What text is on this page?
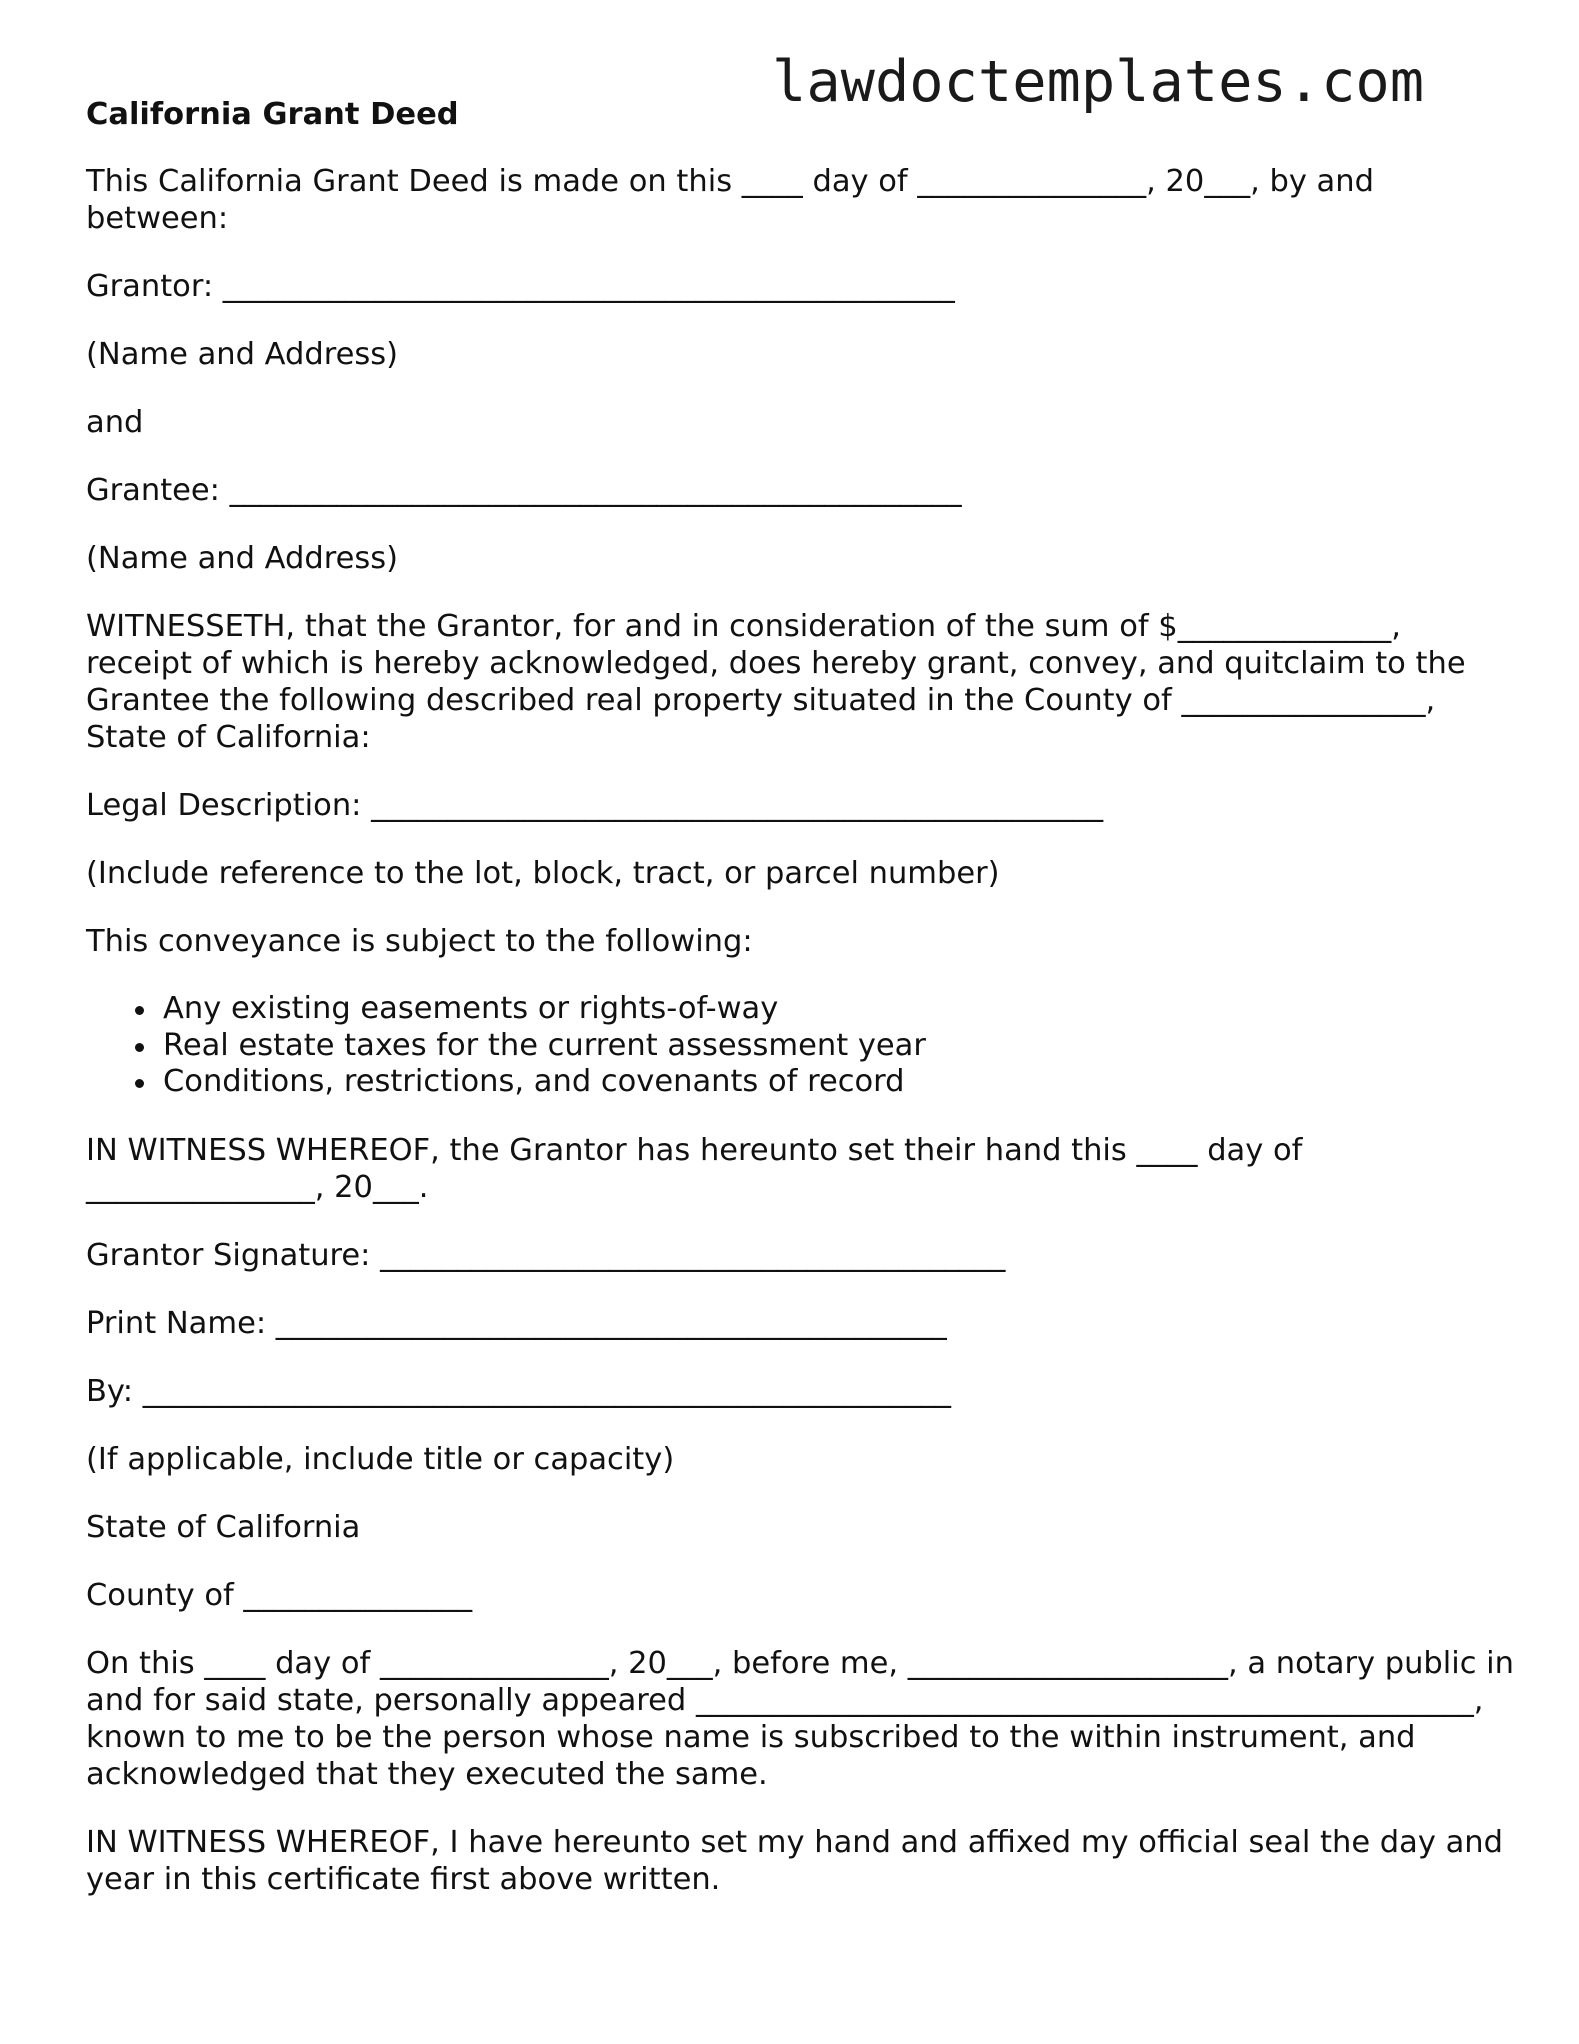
lawdoctemplates.com
California Grant Deed

This California Grant Deed is made on this ____ day of _______________, 20___, by and between:

Grantor: ________________________________________________

(Name and Address)

and

Grantee: ________________________________________________

(Name and Address)

WITNESSETH, that the Grantor, for and in consideration of the sum of $______________, receipt of which is hereby acknowledged, does hereby grant, convey, and quitclaim to the Grantee the following described real property situated in the County of ________________, State of California:

Legal Description: ________________________________________________

(Include reference to the lot, block, tract, or parcel number)

This conveyance is subject to the following:

Any existing easements or rights-of-way
Real estate taxes for the current assessment year
Conditions, restrictions, and covenants of record

IN WITNESS WHEREOF, the Grantor has hereunto set their hand this ____ day of _______________, 20___.

Grantor Signature: _________________________________________

Print Name: ____________________________________________

By: _____________________________________________________

(If applicable, include title or capacity)

State of California

County of _______________

On this ____ day of _______________, 20___, before me, _____________________, a notary public in and for said state, personally appeared ___________________________________________________, known to me to be the person whose name is subscribed to the within instrument, and acknowledged that they executed the same.

IN WITNESS WHEREOF, I have hereunto set my hand and affixed my official seal the day and year in this certificate first above written.
